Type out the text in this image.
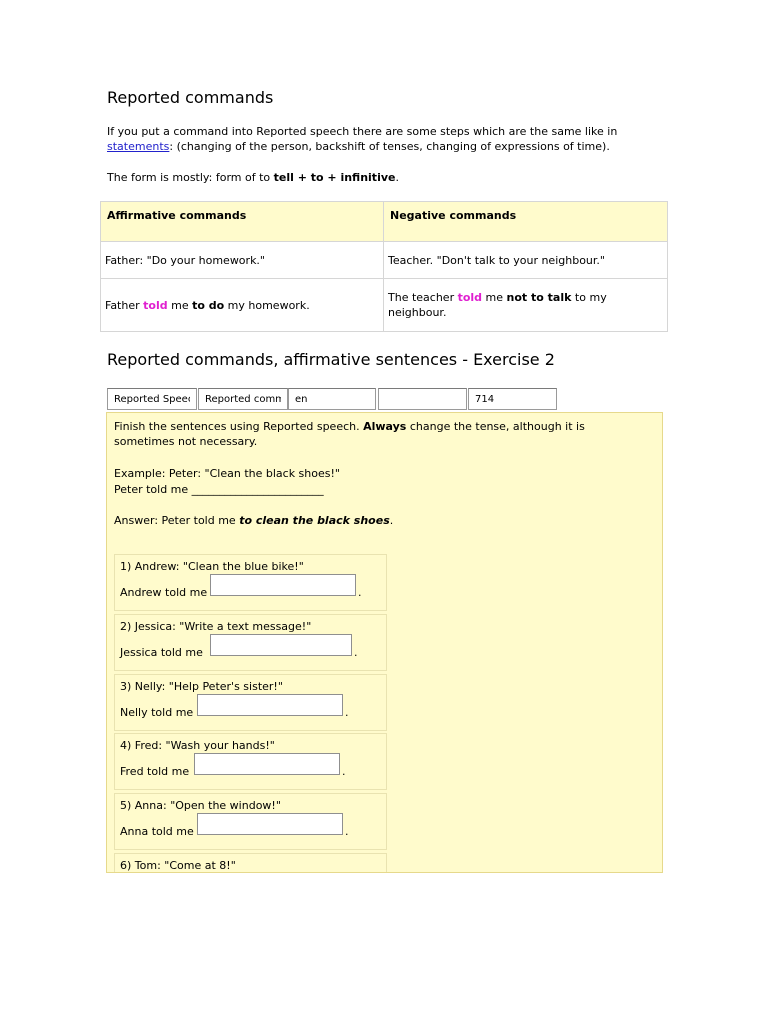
Reported commands

If you put a command into Reported speech there are some steps which are the same like in
statements: (changing of the person, backshift of tenses, changing of expressions of time).

The form is mostly: form of to tell + to + infinitive.

Affirmative commands	Negative commands
Father: "Do your homework."	Teacher. "Don't talk to your neighbour."
Father told me to do my homework.	The teacher told me not to talk to my
neighbour.
Reported commands, affirmative sentences - Exercise 2
Reported Speech
Reported commands
en
714

Finish the sentences using Reported speech. Always change the tense, although it is
sometimes not necessary.

Example: Peter: "Clean the black shoes!"

Peter told me ________________________

Answer: Peter told me to clean the black shoes.

1) Andrew: "Clean the blue bike!"
Andrew told me	.
2) Jessica: "Write a text message!"
Jessica told me	.
3) Nelly: "Help Peter's sister!"
Nelly told me	.
4) Fred: "Wash your hands!"
Fred told me	.
5) Anna: "Open the window!"
Anna told me	.
6) Tom: "Come at 8!"
